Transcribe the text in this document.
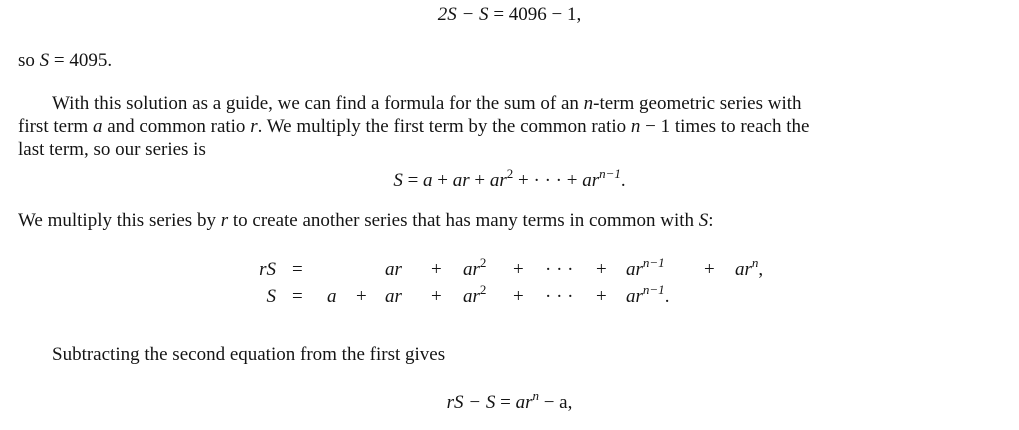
2S − S = 4096 − 1,
so S = 4095.
With this solution as a guide, we can find a formula for the sum of an n-term geometric series with
first term a and common ratio r. We multiply the first term by the common ratio n − 1 times to reach the
last term, so our series is
S = a + ar + $ar^2$ + · · · + $ar^{n-1}$.
We multiply this series by r to create another series that has many terms in common with S:
rS =	ar + $ar^2$ + · · · + $ar^{n-1} + ar^n$,
S = a + ar + $ar^2$ + · · · + $ar^{n-1}$.
Subtracting the second equation from the first gives
rS − $S = ar^n - a$,
